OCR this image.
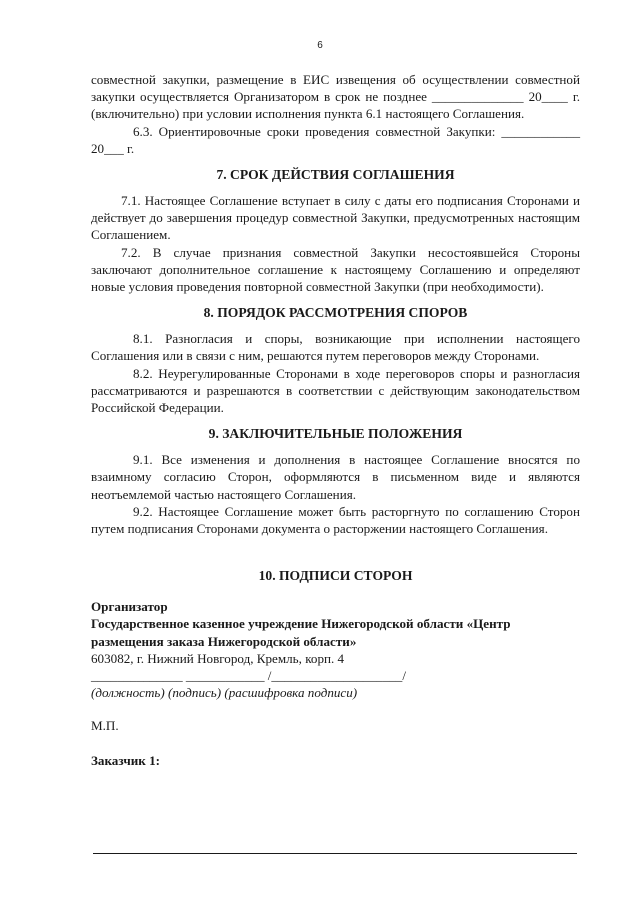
6

совместной закупки, размещение в ЕИС извещения об осуществлении совместной закупки осуществляется Организатором в срок не позднее ______________ 20____ г. (включительно) при условии исполнения пункта 6.1 настоящего Соглашения.

6.3. Ориентировочные сроки проведения совместной Закупки: ____________ 20___ г.

7. СРОК ДЕЙСТВИЯ СОГЛАШЕНИЯ

7.1. Настоящее Соглашение вступает в силу с даты его подписания Сторонами и действует до завершения процедур совместной Закупки, предусмотренных настоящим Соглашением.

7.2. В случае признания совместной Закупки несостоявшейся Стороны заключают дополнительное соглашение к настоящему Соглашению и определяют новые условия проведения повторной совместной Закупки (при необходимости).

8. ПОРЯДОК РАССМОТРЕНИЯ СПОРОВ

8.1. Разногласия и споры, возникающие при исполнении настоящего Соглашения или в связи с ним, решаются путем переговоров между Сторонами.

8.2. Неурегулированные Сторонами в ходе переговоров споры и разногласия рассматриваются и разрешаются в соответствии с действующим законодательством Российской Федерации.

9. ЗАКЛЮЧИТЕЛЬНЫЕ ПОЛОЖЕНИЯ

9.1. Все изменения и дополнения в настоящее Соглашение вносятся по взаимному согласию Сторон, оформляются в письменном виде и являются неотъемлемой частью настоящего Соглашения.

9.2. Настоящее Соглашение может быть расторгнуто по соглашению Сторон путем подписания Сторонами документа о расторжении настоящего Соглашения.

10. ПОДПИСИ СТОРОН

Организатор

Государственное казенное учреждение Нижегородской области «Центр размещения заказа Нижегородской области»

603082, г. Нижний Новгород, Кремль, корп. 4

______________ ____________ /____________________/

(должность) (подпись) (расшифровка подписи)

М.П.

Заказчик 1:
